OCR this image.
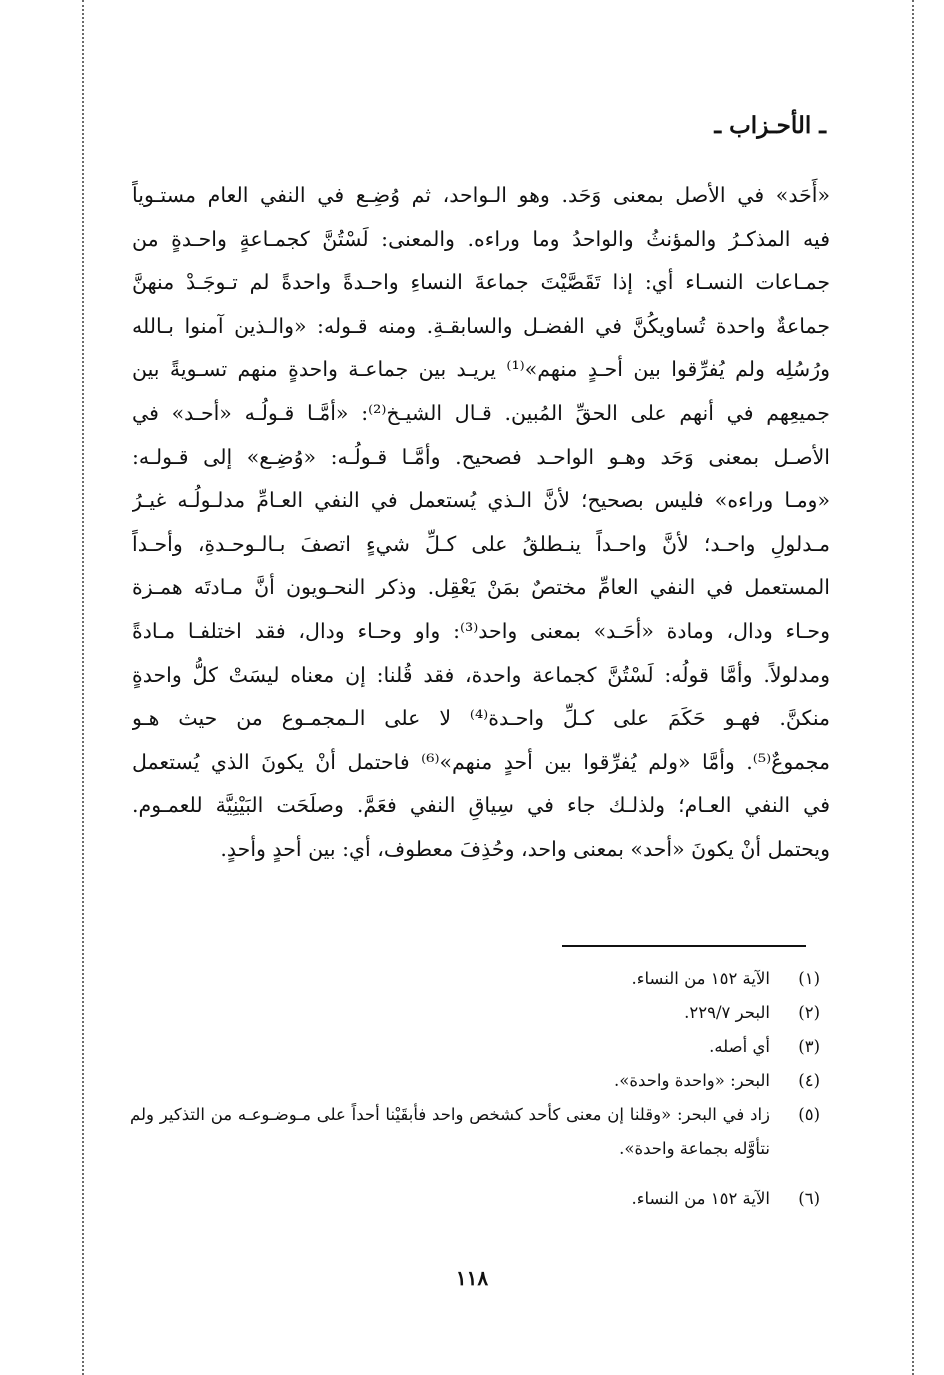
ـ الأحـزاب ـ
«أَحَد» في الأصل بمعنى وَحَد. وهو الـواحد، ثم وُضِـع في النفي العام مستـوياً
فيه المذكـرُ والمؤنثُ والواحدُ وما وراءه. والمعنى: لَسْتُنَّ كجمـاعةٍ واحـدةٍ من
جمـاعات النسـاء أي: إذا تَقَصَّيْتَ جماعةَ النساءِ واحـدةً واحدةً لم تـوجَـدْ منهنَّ
جماعةٌ واحدة تُساويكُنَّ في الفضـل والسابقـةِ. ومنه قـوله: «والـذين آمنوا بـالله
ورُسُلِه ولم يُفرِّقوا بين أحـدٍ منهم»⁽¹⁾ يريـد بين جماعـة واحدةٍ منهم تسـويةً بين
جميعِهم في أنهم على الحقِّ المُبين. قـال الشيـخ⁽²⁾: «أمَّـا قـولُـه «أحـد» في
الأصـل بمعنى وَحَد وهـو الواحـد فصحيح. وأمَّـا قـولُـه: «وُضِـع» إلى قـولـه:
«ومـا وراءه» فليس بصحيح؛ لأنَّ الـذي يُستعمل في النفي العـامِّ مدلـولُـه غيـرُ
مـدلولِ واحـد؛ لأنَّ واحـداً ينـطلقُ على كـلِّ شيءٍ اتصفَ بـالـوحـدةِ، وأحـداً
المستعمل في النفي العامِّ مختصٌ بمَنْ يَعْقِل. وذكر النحـويون أنَّ مـادتَه همـزة
وحـاء ودال، ومادة «أحَـد» بمعنى واحد⁽³⁾: واو وحـاء ودال، فقد اختلفـا مـادةً
ومدلولاً. وأمَّا قولُه: لَسْتُنَّ كجماعة واحدة، فقد قُلنا: إن معناه ليسَتْ كلُّ واحدةٍ
منكنَّ. فهـو حَكَمَ على كـلِّ واحـدة⁽⁴⁾ لا على الـمجمـوع من حيث هـو
مجموعٌ⁽⁵⁾. وأمَّا «ولم يُفرِّقوا بين أحدٍ منهم»⁽⁶⁾ فاحتمل أنْ يكونَ الذي يُستعمل
في النفي العـام؛ ولذلـك جاء في سِياقِ النفي فعَمَّ. وصلَحَت البَيْنِيَّة للعمـوم.
ويحتمل أنْ يكونَ «أحد» بمعنى واحد، وحُذِفَ معطوف، أي: بين أحدٍ وأحدٍ.
(١)
الآية ١٥٢ من النساء.
(٢)
البحر ٢٢٩/٧.
(٣)
أي أصله.
(٤)
البحر: «واحدة واحدة».
(٥)
زاد في البحر: «وقلنا إن معنى كأحد كشخص واحد فأبقَيْنا أحداً على مـوضـوعـه من التذكير ولم نتأوَّله بجماعة واحدة».
(٦)
الآية ١٥٢ من النساء.
١١٨
